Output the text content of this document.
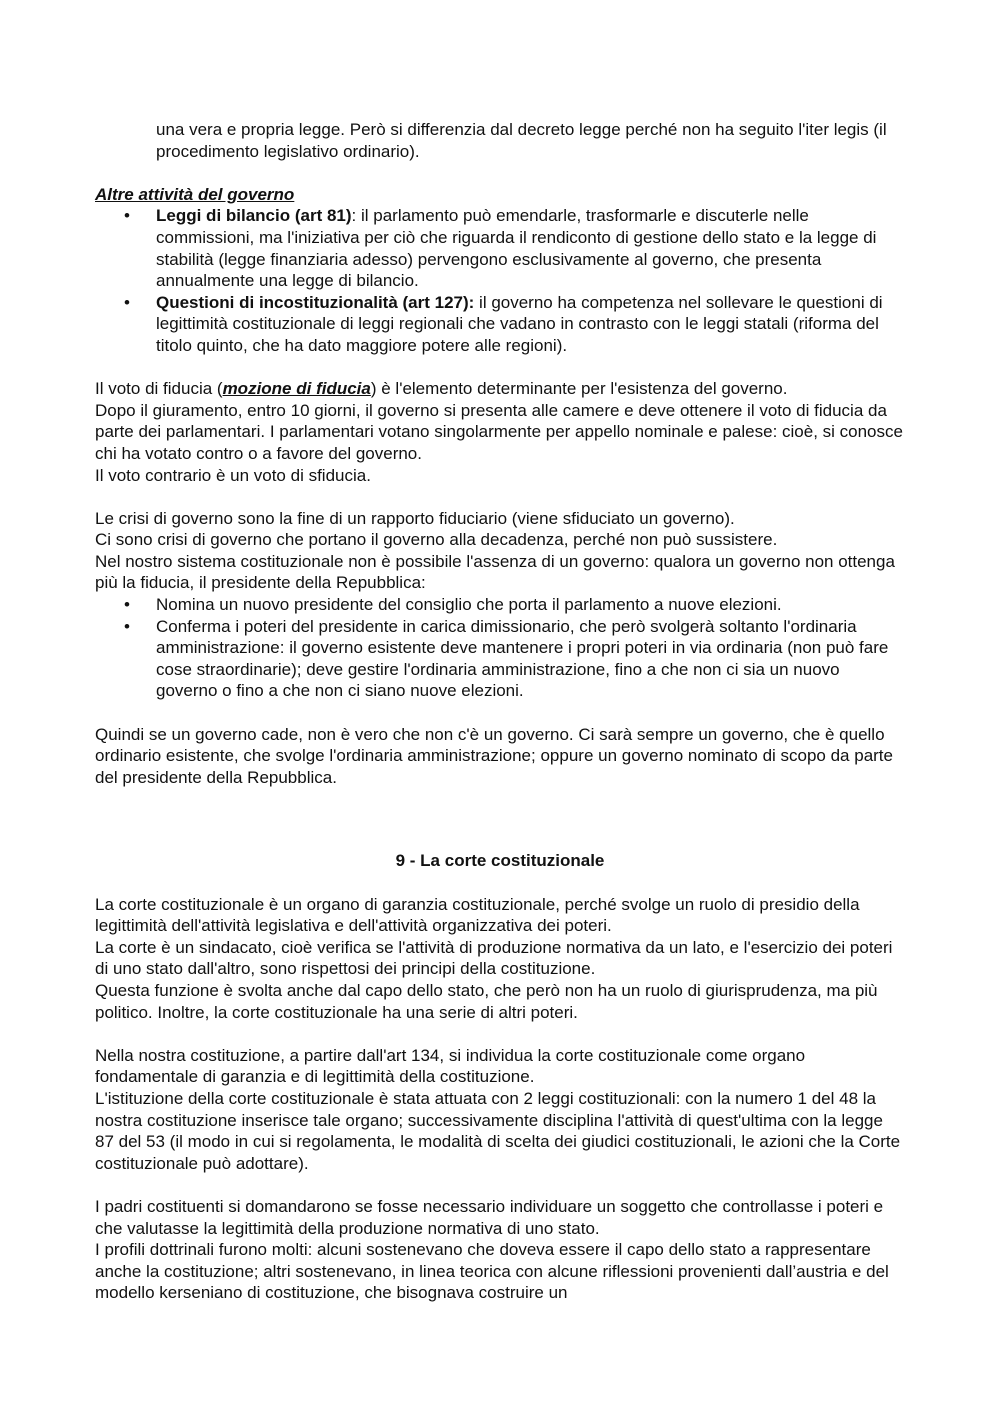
una vera e propria legge. Però si differenzia dal decreto legge perché non ha seguito l'iter legis (il procedimento legislativo ordinario).

Altre attività del governo

• Leggi di bilancio (art 81): il parlamento può emendarle, trasformarle e discuterle nelle commissioni, ma l'iniziativa per ciò che riguarda il rendiconto di gestione dello stato e la legge di stabilità (legge finanziaria adesso) pervengono esclusivamente al governo, che presenta annualmente una legge di bilancio.
• Questioni di incostituzionalità (art 127): il governo ha competenza nel sollevare le questioni di legittimità costituzionale di leggi regionali che vadano in contrasto con le leggi statali (riforma del titolo quinto, che ha dato maggiore potere alle regioni).

Il voto di fiducia (mozione di fiducia) è l'elemento determinante per l'esistenza del governo.

Dopo il giuramento, entro 10 giorni, il governo si presenta alle camere e deve ottenere il voto di fiducia da parte dei parlamentari. I parlamentari votano singolarmente per appello nominale e palese: cioè, si conosce chi ha votato contro o a favore del governo.

Il voto contrario è un voto di sfiducia.

Le crisi di governo sono la fine di un rapporto fiduciario (viene sfiduciato un governo).

Ci sono crisi di governo che portano il governo alla decadenza, perché non può sussistere.

Nel nostro sistema costituzionale non è possibile l'assenza di un governo: qualora un governo non ottenga più la fiducia, il presidente della Repubblica:

• Nomina un nuovo presidente del consiglio che porta il parlamento a nuove elezioni.
• Conferma i poteri del presidente in carica dimissionario, che però svolgerà soltanto l'ordinaria amministrazione: il governo esistente deve mantenere i propri poteri in via ordinaria (non può fare cose straordinarie); deve gestire l'ordinaria amministrazione, fino a che non ci sia un nuovo governo o fino a che non ci siano nuove elezioni.

Quindi se un governo cade, non è vero che non c'è un governo. Ci sarà sempre un governo, che è quello ordinario esistente, che svolge l'ordinaria amministrazione; oppure un governo nominato di scopo da parte del presidente della Repubblica.

9 - La corte costituzionale

La corte costituzionale è un organo di garanzia costituzionale, perché svolge un ruolo di presidio della legittimità dell'attività legislativa e dell'attività organizzativa dei poteri.

La corte è un sindacato, cioè verifica se l'attività di produzione normativa da un lato, e l'esercizio dei poteri di uno stato dall'altro, sono rispettosi dei principi della costituzione.

Questa funzione è svolta anche dal capo dello stato, che però non ha un ruolo di giurisprudenza, ma più politico. Inoltre, la corte costituzionale ha una serie di altri poteri.

Nella nostra costituzione, a partire dall'art 134, si individua la corte costituzionale come organo fondamentale di garanzia e di legittimità della costituzione.

L'istituzione della corte costituzionale è stata attuata con 2 leggi costituzionali: con la numero 1 del 48 la nostra costituzione inserisce tale organo; successivamente disciplina l'attività di quest'ultima con la legge 87 del 53 (il modo in cui si regolamenta, le modalità di scelta dei giudici costituzionali, le azioni che la Corte costituzionale può adottare).

I padri costituenti si domandarono se fosse necessario individuare un soggetto che controllasse i poteri e che valutasse la legittimità della produzione normativa di uno stato.

I profili dottrinali furono molti: alcuni sostenevano che doveva essere il capo dello stato a rappresentare anche la costituzione; altri sostenevano, in linea teorica con alcune riflessioni provenienti dall’austria e del modello kerseniano di costituzione, che bisognava costruire un
